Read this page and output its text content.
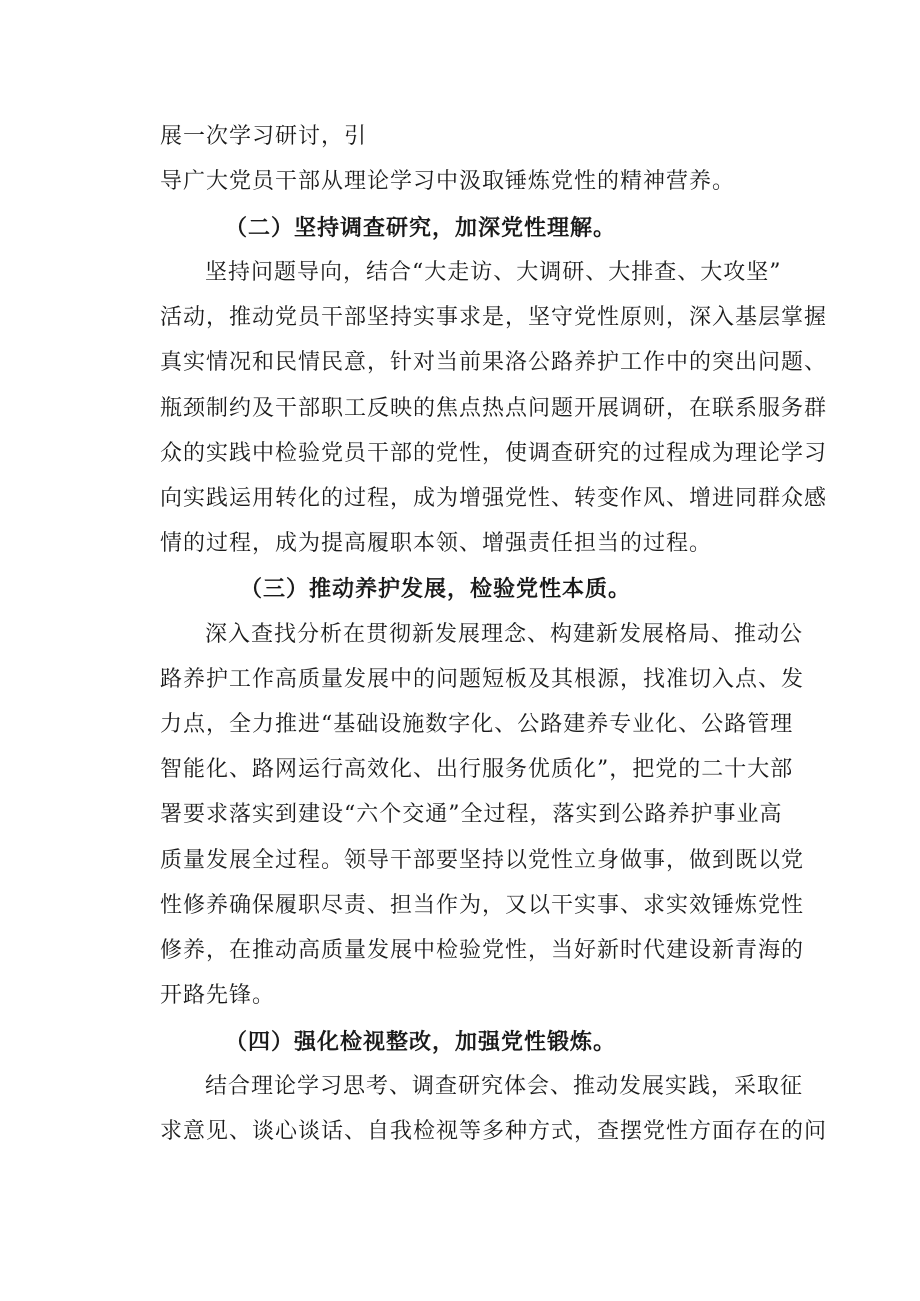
展一次学习研讨，引
导广大党员干部从理论学习中汲取锤炼党性的精神营养。
（二）坚持调查研究，加深党性理解。
坚持问题导向，结合“大走访、大调研、大排查、大攻坚”
活动，推动党员干部坚持实事求是，坚守党性原则，深入基层掌握
真实情况和民情民意，针对当前果洛公路养护工作中的突出问题、
瓶颈制约及干部职工反映的焦点热点问题开展调研，在联系服务群
众的实践中检验党员干部的党性，使调查研究的过程成为理论学习
向实践运用转化的过程，成为增强党性、转变作风、增进同群众感
情的过程，成为提高履职本领、增强责任担当的过程。
（三）推动养护发展，检验党性本质。
深入查找分析在贯彻新发展理念、构建新发展格局、推动公
路养护工作高质量发展中的问题短板及其根源，找准切入点、发
力点，全力推进“基础设施数字化、公路建养专业化、公路管理
智能化、路网运行高效化、出行服务优质化”，把党的二十大部
署要求落实到建设“六个交通”全过程，落实到公路养护事业高
质量发展全过程。领导干部要坚持以党性立身做事，做到既以党
性修养确保履职尽责、担当作为，又以干实事、求实效锤炼党性
修养，在推动高质量发展中检验党性，当好新时代建设新青海的
开路先锋。
（四）强化检视整改，加强党性锻炼。
结合理论学习思考、调查研究体会、推动发展实践，采取征
求意见、谈心谈话、自我检视等多种方式，查摆党性方面存在的问
